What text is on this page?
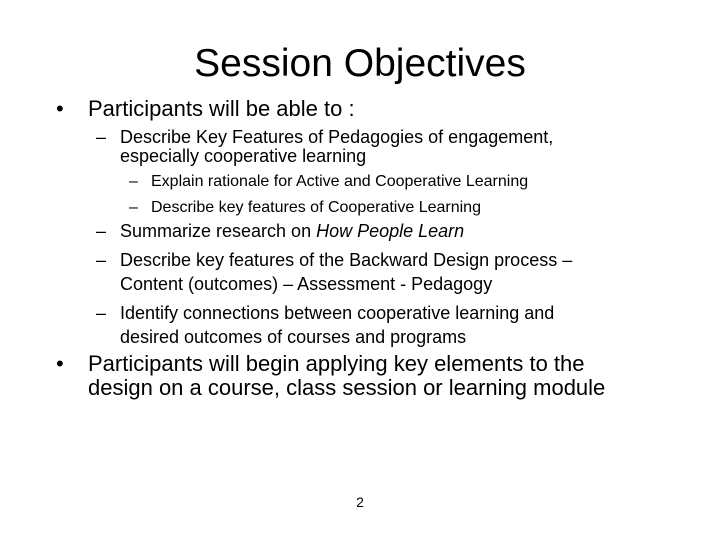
Session Objectives
• Participants will be able to :
– Describe Key Features of Pedagogies of engagement,
especially cooperative learning
– Explain rationale for Active and Cooperative Learning
– Describe key features of Cooperative Learning
– Summarize research on How People Learn
– Describe key features of the Backward Design process –
Content (outcomes) – Assessment - Pedagogy
– Identify connections between cooperative learning and
desired outcomes of courses and programs
• Participants will begin applying key elements to the
design on a course, class session or learning module
2
